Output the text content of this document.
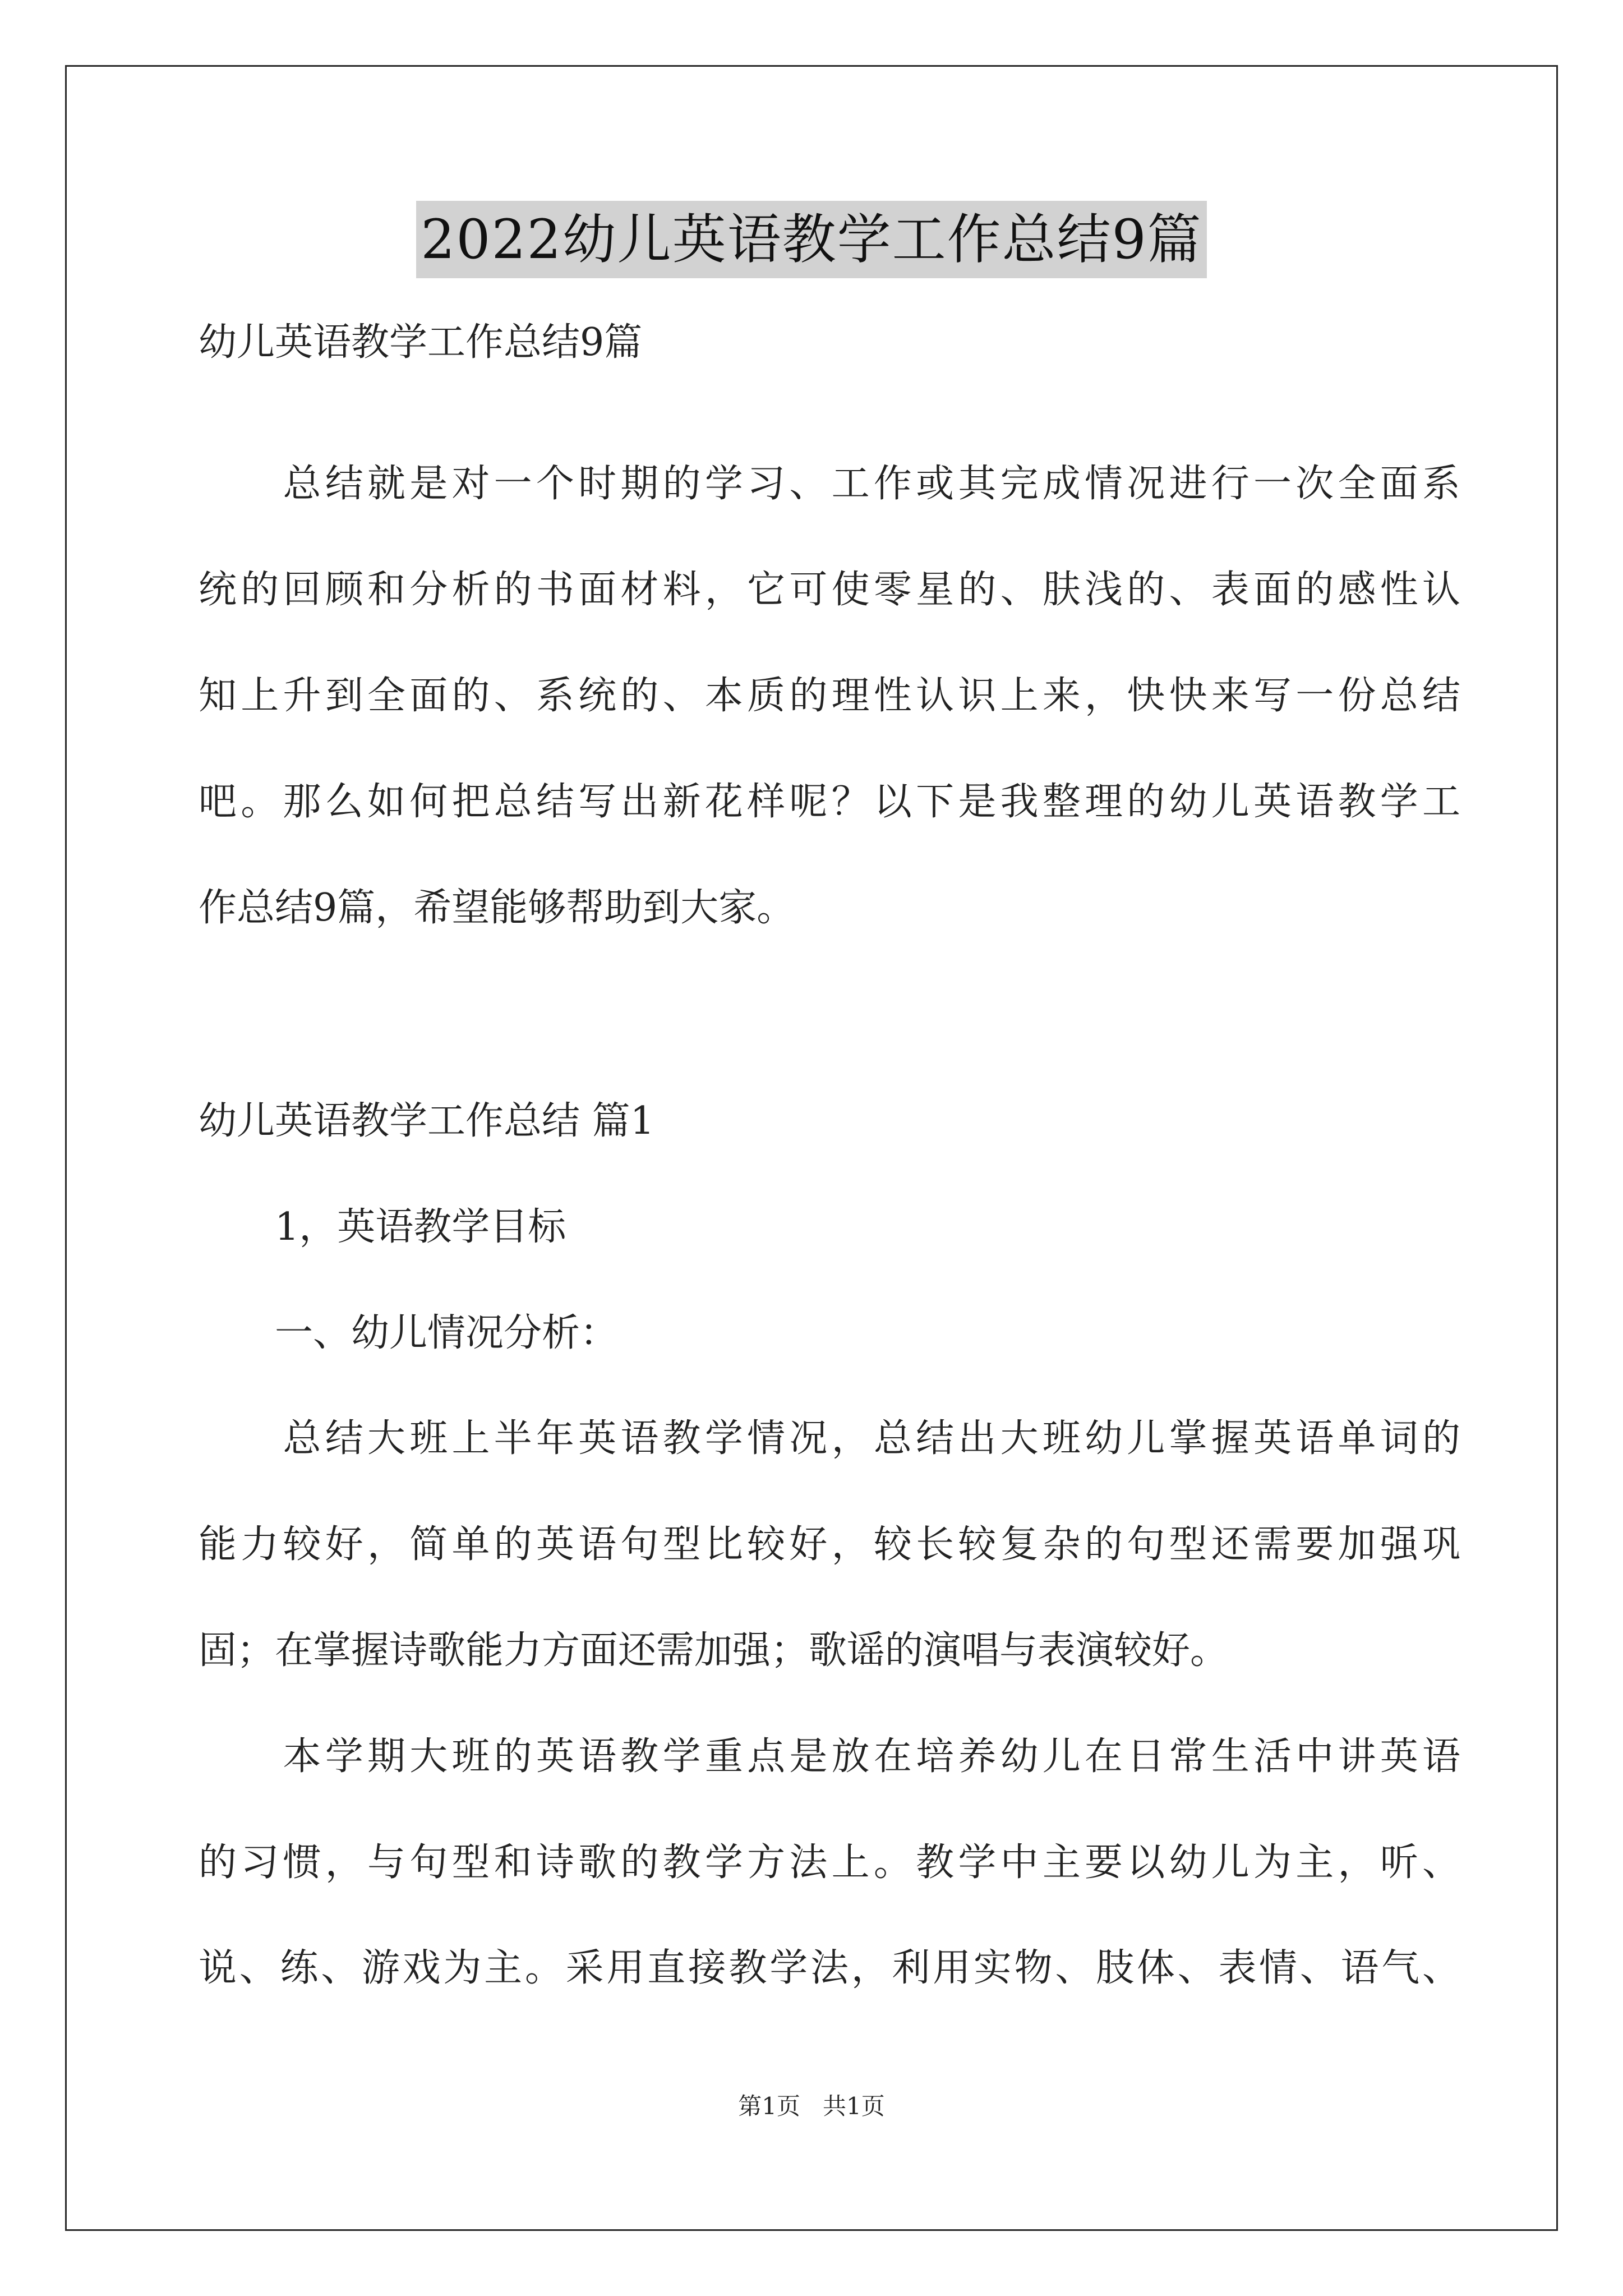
2022幼儿英语教学工作总结9篇
幼儿英语教学工作总结9篇
　　总结就是对一个时期的学习、工作或其完成情况进行一次全面系
统的回顾和分析的书面材料，它可使零星的、肤浅的、表面的感性认
知上升到全面的、系统的、本质的理性认识上来，快快来写一份总结
吧。那么如何把总结写出新花样呢？以下是我整理的幼儿英语教学工
作总结9篇，希望能够帮助到大家。
幼儿英语教学工作总结 篇1
　　1，英语教学目标
　　一、幼儿情况分析：
　　总结大班上半年英语教学情况，总结出大班幼儿掌握英语单词的
能力较好，简单的英语句型比较好，较长较复杂的句型还需要加强巩
固；在掌握诗歌能力方面还需加强；歌谣的演唱与表演较好。
　　本学期大班的英语教学重点是放在培养幼儿在日常生活中讲英语
的习惯，与句型和诗歌的教学方法上。教学中主要以幼儿为主，听、
说、练、游戏为主。采用直接教学法，利用实物、肢体、表情、语气、
第1页   共1页
